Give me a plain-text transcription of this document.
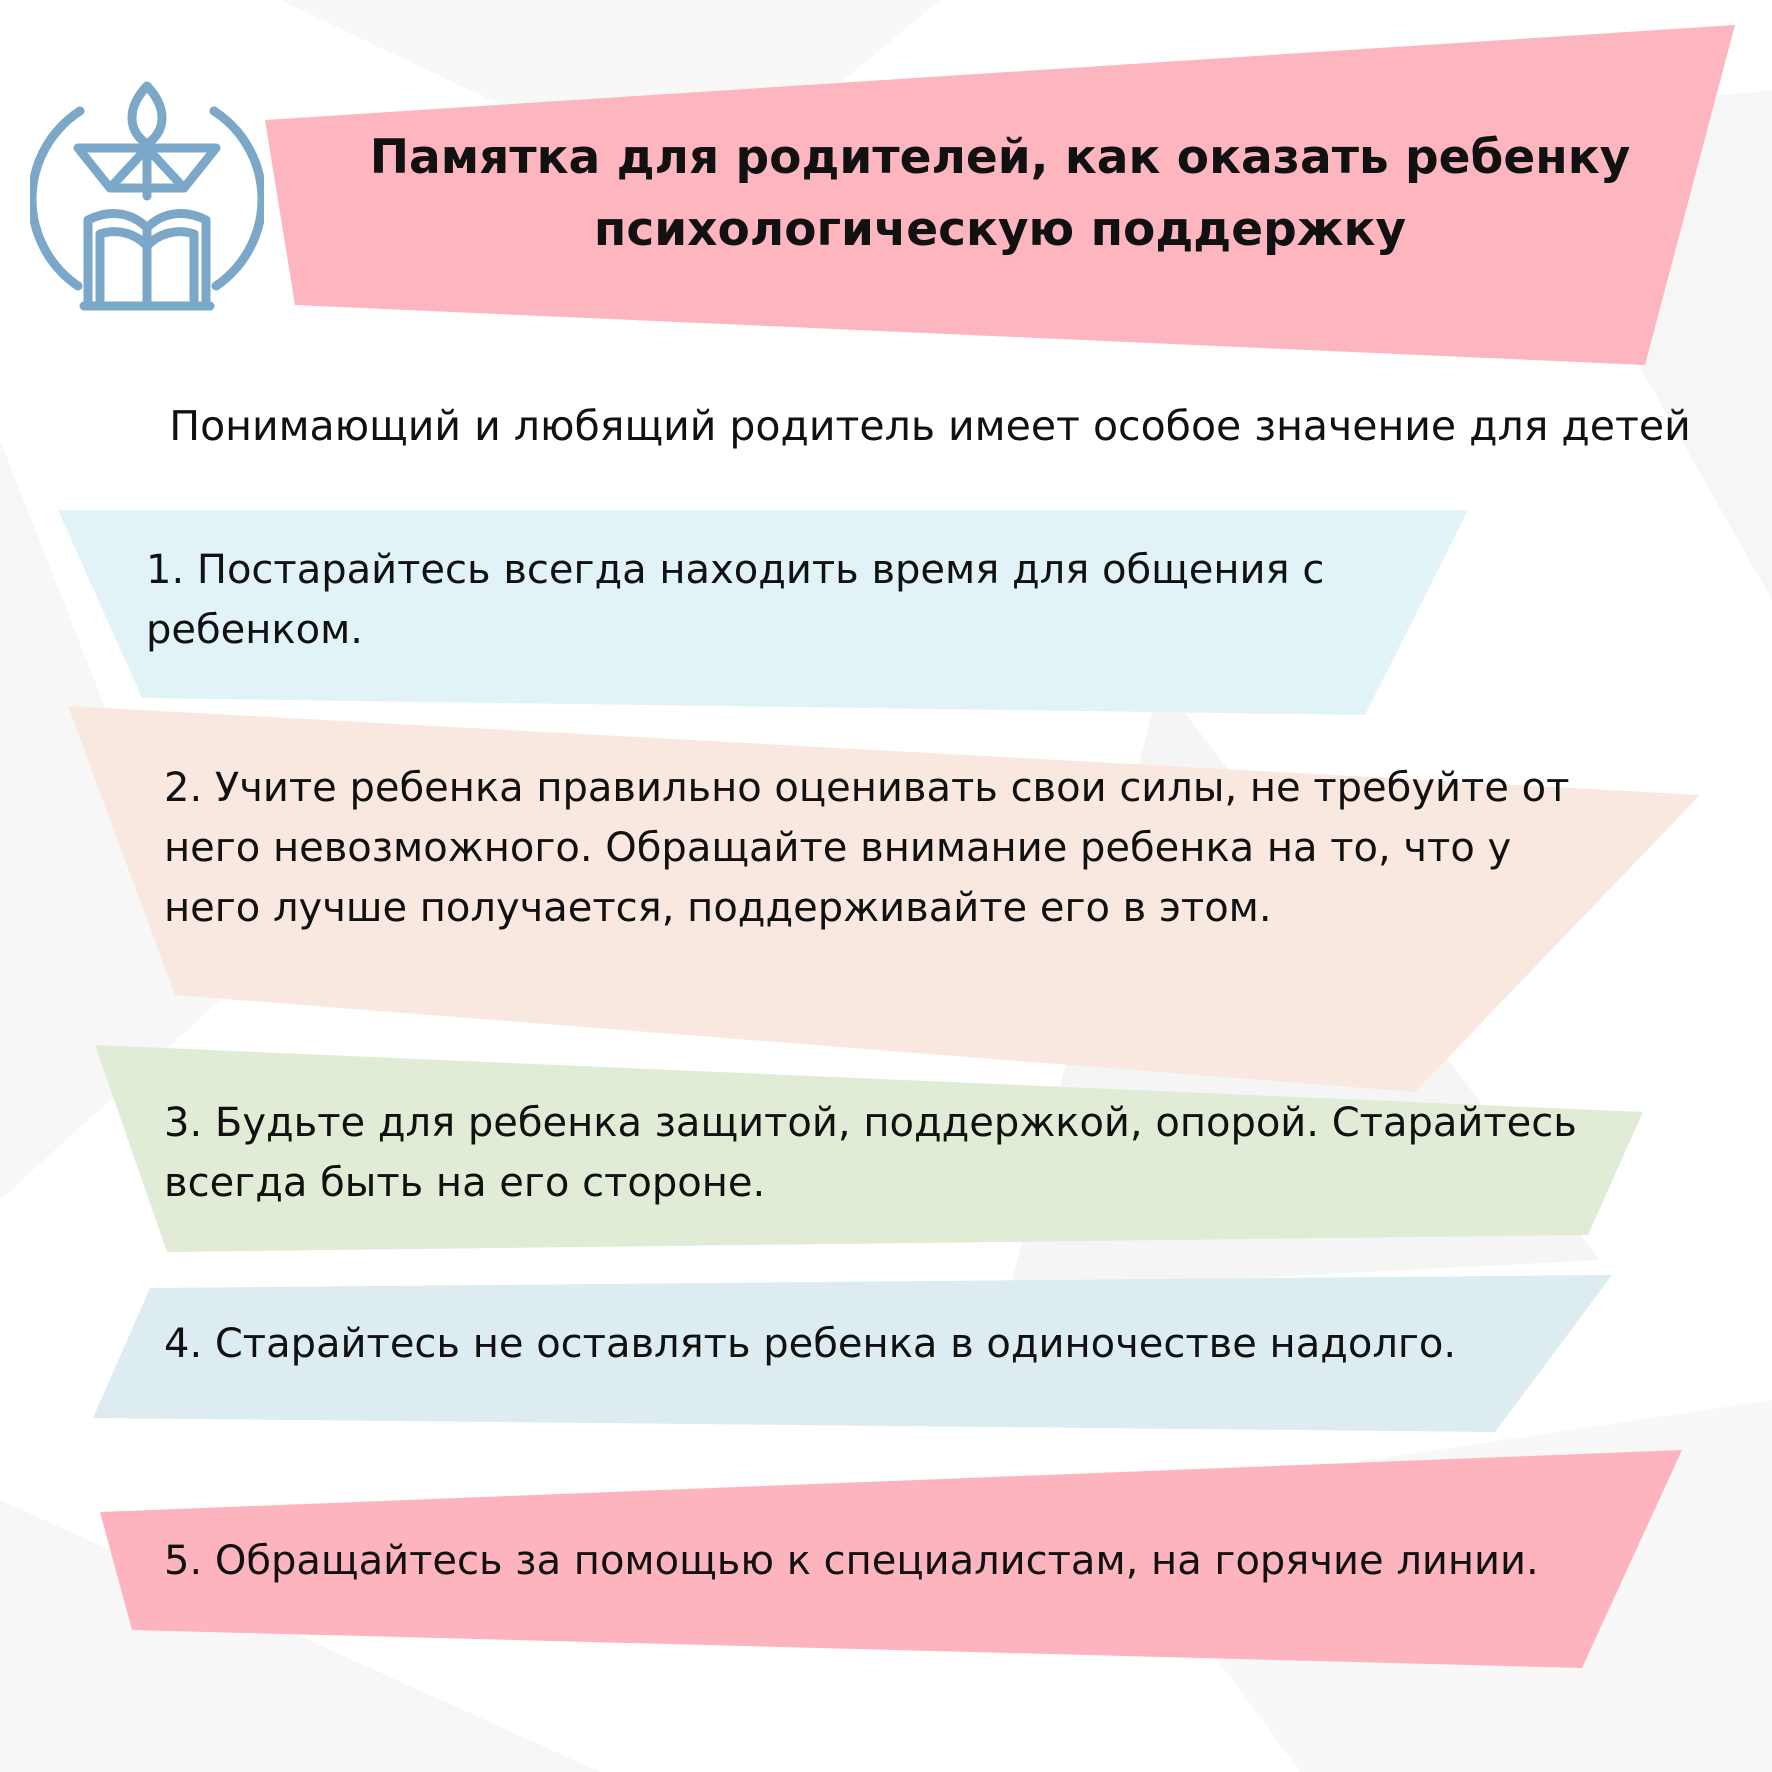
Памятка для родителей, как оказать ребенку
психологическую поддержку
Понимающий и любящий родитель имеет особое значение для детей
1. Постарайтесь всегда находить время для общения с ребенком.
2. Учите ребенка правильно оценивать свои силы, не требуйте от него невозможного. Обращайте внимание ребенка на то, что у него лучше получается, поддерживайте его в этом.
3. Будьте для ребенка защитой, поддержкой, опорой. Старайтесь всегда быть на его стороне.
4. Старайтесь не оставлять ребенка в одиночестве надолго.
5. Обращайтесь за помощью к специалистам, на горячие линии.
